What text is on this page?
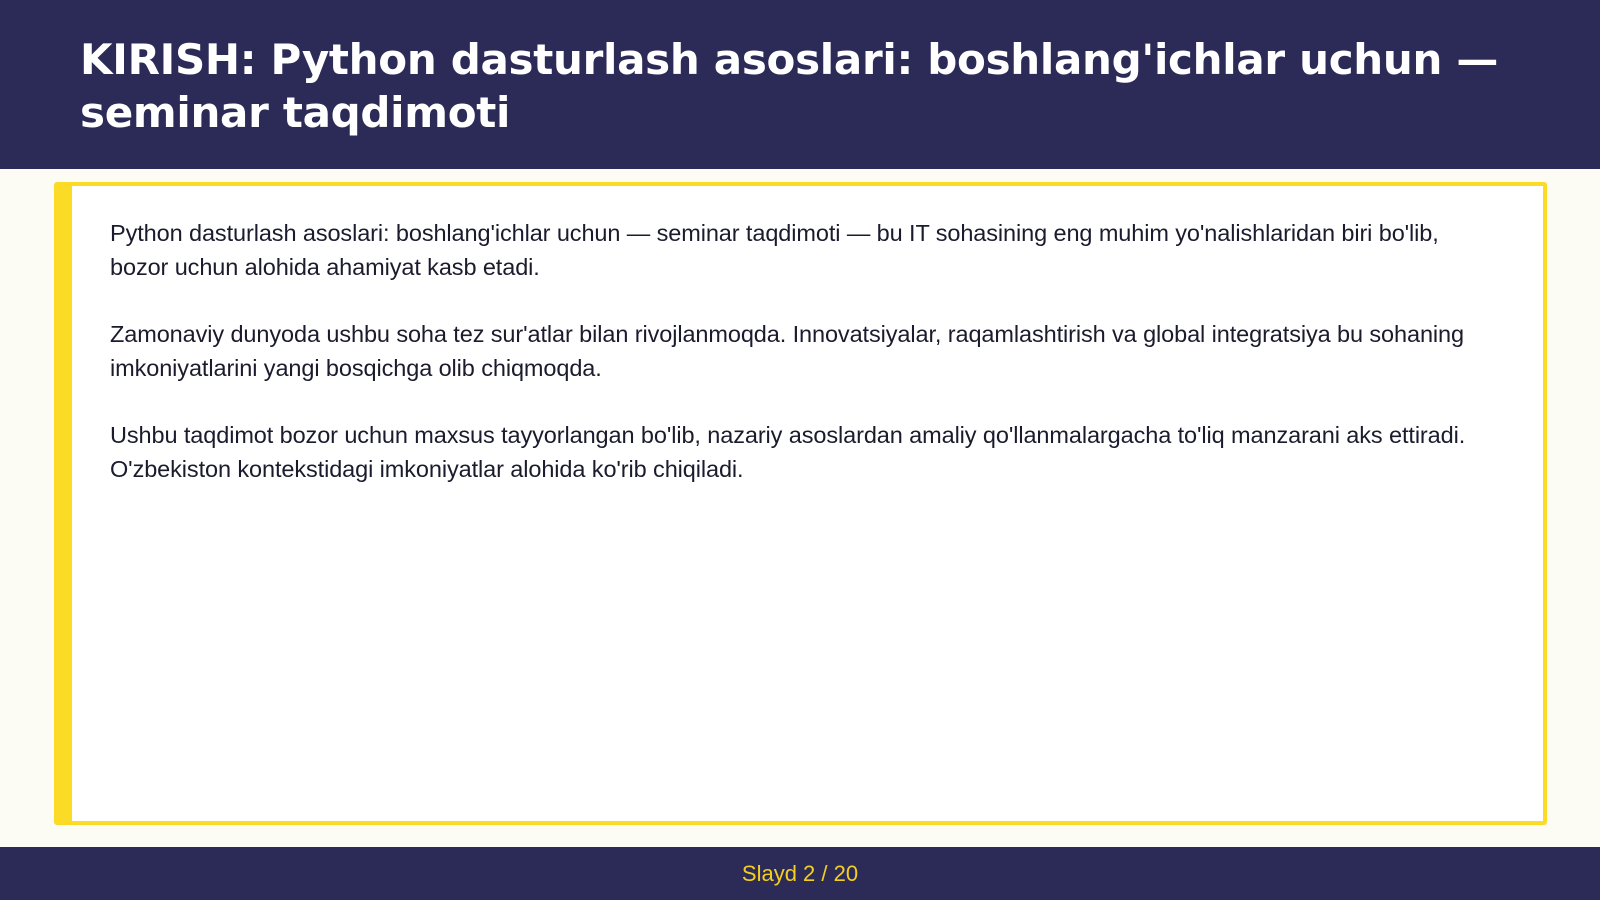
KIRISH: Python dasturlash asoslari: boshlang'ichlar uchun — seminar taqdimoti

Python dasturlash asoslari: boshlang'ichlar uchun — seminar taqdimoti — bu IT sohasining eng muhim yo'nalishlaridan biri bo'lib, bozor uchun alohida ahamiyat kasb etadi.

Zamonaviy dunyoda ushbu soha tez sur'atlar bilan rivojlanmoqda. Innovatsiyalar, raqamlashtirish va global integratsiya bu sohaning imkoniyatlarini yangi bosqichga olib chiqmoqda.

Ushbu taqdimot bozor uchun maxsus tayyorlangan bo'lib, nazariy asoslardan amaliy qo'llanmalargacha to'liq manzarani aks ettiradi. O'zbekiston kontekstidagi imkoniyatlar alohida ko'rib chiqiladi.

Slayd 2 / 20
